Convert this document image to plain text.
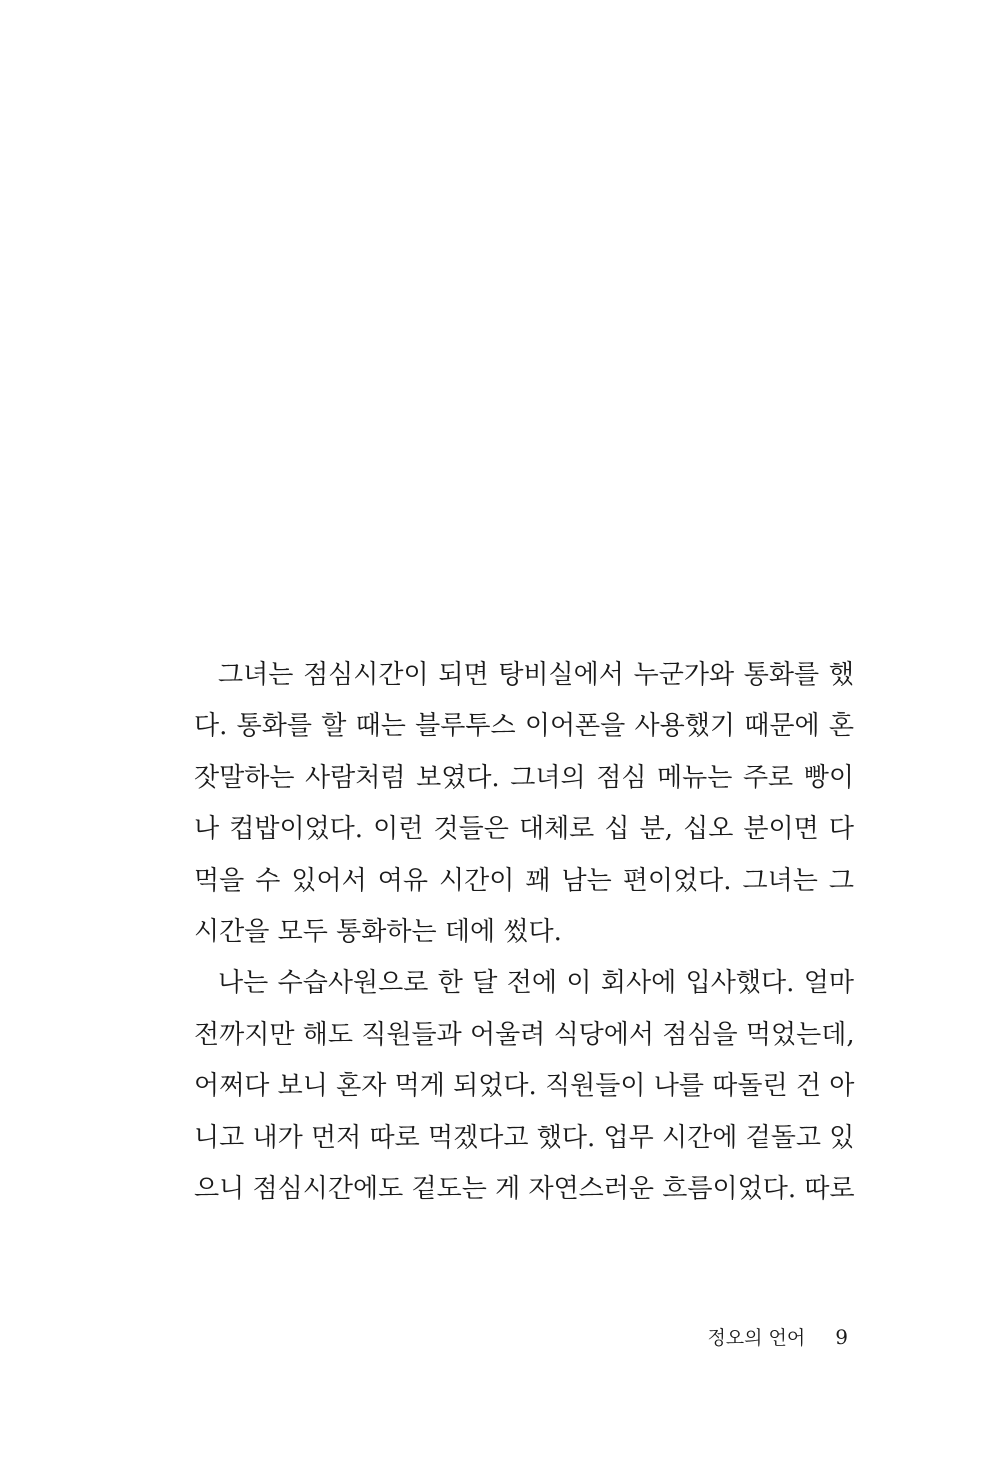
그녀는 점심시간이 되면 탕비실에서 누군가와 통화를 했
다. 통화를 할 때는 블루투스 이어폰을 사용했기 때문에 혼
잣말하는 사람처럼 보였다. 그녀의 점심 메뉴는 주로 빵이
나 컵밥이었다. 이런 것들은 대체로 십 분, 십오 분이면 다
먹을 수 있어서 여유 시간이 꽤 남는 편이었다. 그녀는 그
시간을 모두 통화하는 데에 썼다.
나는 수습사원으로 한 달 전에 이 회사에 입사했다. 얼마
전까지만 해도 직원들과 어울려 식당에서 점심을 먹었는데,
어쩌다 보니 혼자 먹게 되었다. 직원들이 나를 따돌린 건 아
니고 내가 먼저 따로 먹겠다고 했다. 업무 시간에 겉돌고 있
으니 점심시간에도 겉도는 게 자연스러운 흐름이었다. 따로
정오의 언어 9
